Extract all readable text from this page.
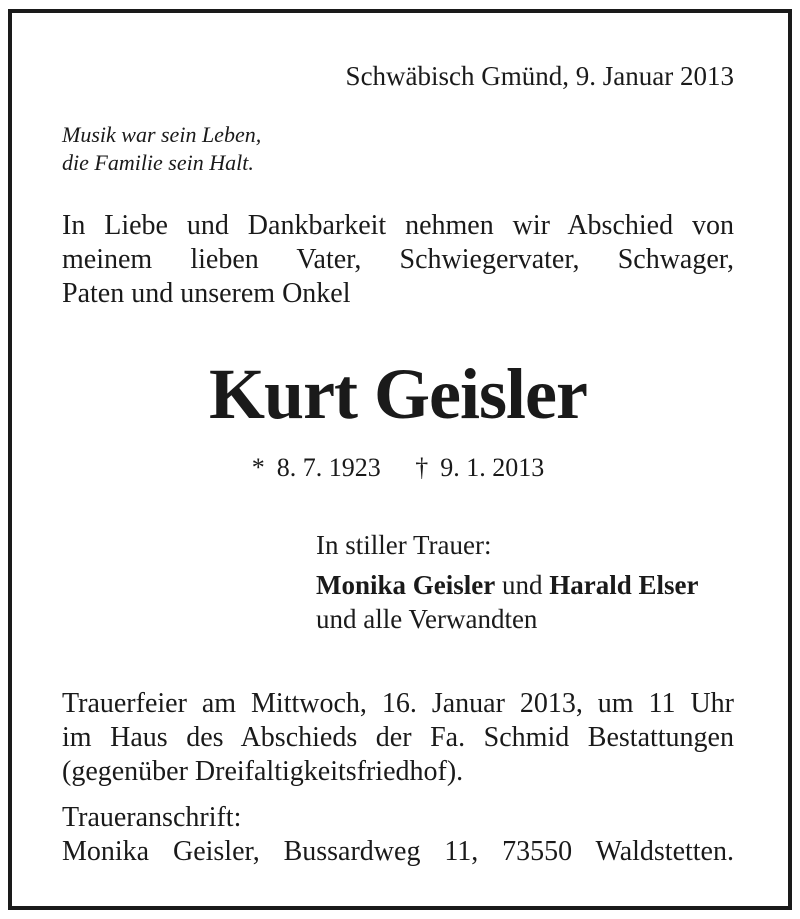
Schwäbisch Gmünd, 9. Januar 2013
Musik war sein Leben,
die Familie sein Halt.
In Liebe und Dankbarkeit nehmen wir Abschied von
meinem lieben Vater, Schwiegervater, Schwager,
Paten und unserem Onkel
Kurt Geisler
* 8. 7. 1923 † 9. 1. 2013
In stiller Trauer:
Monika Geisler und Harald Elser
und alle Verwandten
Trauerfeier am Mittwoch, 16. Januar 2013, um 11 Uhr
im Haus des Abschieds der Fa. Schmid Bestattungen
(gegenüber Dreifaltigkeitsfriedhof).
Traueranschrift:
Monika Geisler, Bussardweg 11, 73550 Waldstetten.
